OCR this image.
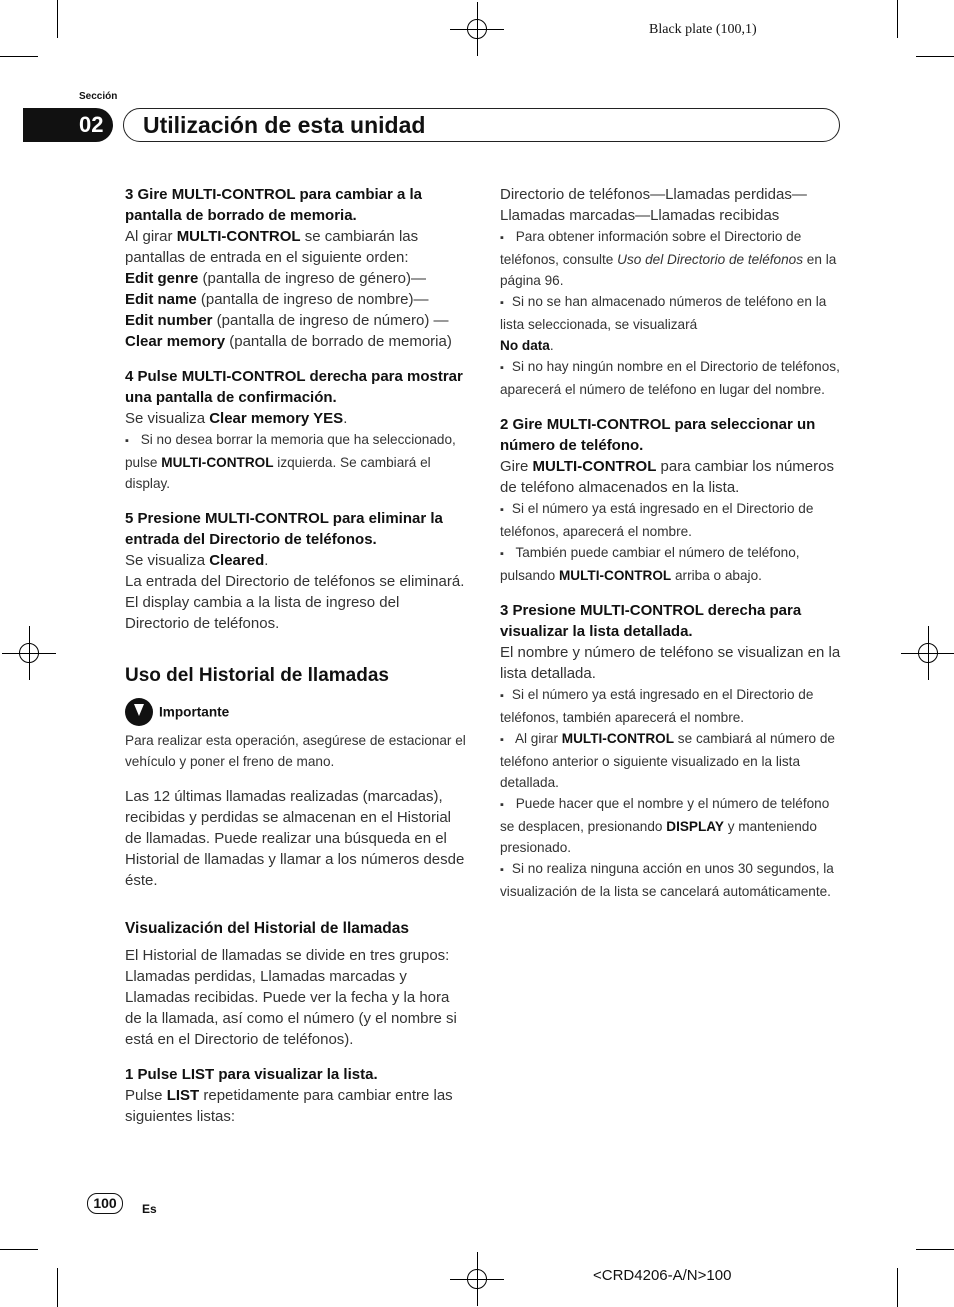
Black plate (100,1)
Sección
02 Utilización de esta unidad

3 Gire MULTI-CONTROL para cambiar a la pantalla de borrado de memoria.

Al girar MULTI-CONTROL se cambiarán las pantallas de entrada en el siguiente orden:
Edit genre (pantalla de ingreso de género)—
Edit name (pantalla de ingreso de nombre)—
Edit number (pantalla de ingreso de número) —Clear memory (pantalla de borrado de memoria)

4 Pulse MULTI-CONTROL derecha para mostrar una pantalla de confirmación.

Se visualiza Clear memory YES.

▪ Si no desea borrar la memoria que ha seleccionado, pulse MULTI-CONTROL izquierda. Se cambiará el display.

5 Presione MULTI-CONTROL para eliminar la entrada del Directorio de teléfonos.

Se visualiza Cleared.

La entrada del Directorio de teléfonos se eliminará. El display cambia a la lista de ingreso del Directorio de teléfonos.

Uso del Historial de llamadas
Importante

Para realizar esta operación, asegúrese de estacionar el vehículo y poner el freno de mano.

Las 12 últimas llamadas realizadas (marcadas), recibidas y perdidas se almacenan en el Historial de llamadas. Puede realizar una búsqueda en el Historial de llamadas y llamar a los números desde éste.

Visualización del Historial de llamadas

El Historial de llamadas se divide en tres grupos: Llamadas perdidas, Llamadas marcadas y Llamadas recibidas. Puede ver la fecha y la hora de la llamada, así como el número (y el nombre si está en el Directorio de teléfonos).

1 Pulse LIST para visualizar la lista.

Pulse LIST repetidamente para cambiar entre las siguientes listas:

Directorio de teléfonos—Llamadas perdidas—Llamadas marcadas—Llamadas recibidas

▪ Para obtener información sobre el Directorio de teléfonos, consulte Uso del Directorio de teléfonos en la página 96.

▪ Si no se han almacenado números de teléfono en la lista seleccionada, se visualizará

No data.

▪ Si no hay ningún nombre en el Directorio de teléfonos, aparecerá el número de teléfono en lugar del nombre.

2 Gire MULTI-CONTROL para seleccionar un número de teléfono.

Gire MULTI-CONTROL para cambiar los números de teléfono almacenados en la lista.

▪ Si el número ya está ingresado en el Directorio de teléfonos, aparecerá el nombre.

▪ También puede cambiar el número de teléfono, pulsando MULTI-CONTROL arriba o abajo.

3 Presione MULTI-CONTROL derecha para visualizar la lista detallada.

El nombre y número de teléfono se visualizan en la lista detallada.

▪ Si el número ya está ingresado en el Directorio de teléfonos, también aparecerá el nombre.

▪ Al girar MULTI-CONTROL se cambiará al número de teléfono anterior o siguiente visualizado en la lista detallada.

▪ Puede hacer que el nombre y el número de teléfono se desplacen, presionando DISPLAY y manteniendo presionado.

▪ Si no realiza ninguna acción en unos 30 segundos, la visualización de la lista se cancelará automáticamente.

100	Es
<CRD4206-A/N>100
